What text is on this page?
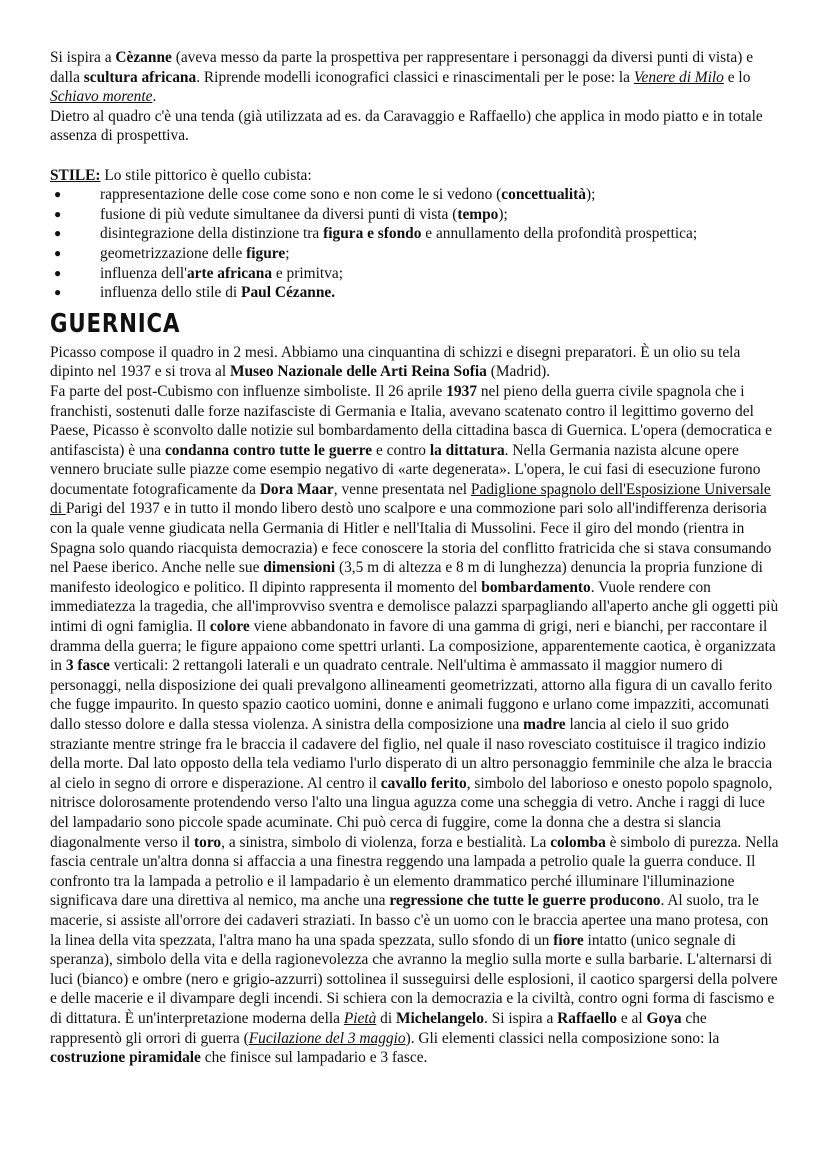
Si ispira a Cèzanne (aveva messo da parte la prospettiva per rappresentare i personaggi da diversi punti di vista) e dalla scultura africana. Riprende modelli iconografici classici e rinascimentali per le pose: la Venere di Milo e lo Schiavo morente.

Dietro al quadro c'è una tenda (già utilizzata ad es. da Caravaggio e Raffaello) che applica in modo piatto e in totale assenza di prospettiva.

STILE: Lo stile pittorico è quello cubista:

●	rappresentazione delle cose come sono e non come le si vedono (concettualità);
●	fusione di più vedute simultanee da diversi punti di vista (tempo);
●	disintegrazione della distinzione tra figura e sfondo e annullamento della profondità prospettica;
●	geometrizzazione delle figure;
●	influenza dell'arte africana e primitva;
●	influenza dello stile di Paul Cézanne.
GUERNICA

Picasso compose il quadro in 2 mesi. Abbiamo una cinquantina di schizzi e disegni preparatori. È un olio su tela dipinto nel 1937 e si trova al Museo Nazionale delle Arti Reina Sofia (Madrid).
Fa parte del post-Cubismo con influenze simboliste. Il 26 aprile 1937 nel pieno della guerra civile spagnola che i franchisti, sostenuti dalle forze nazifasciste di Germania e Italia, avevano scatenato contro il legittimo governo del Paese, Picasso è sconvolto dalle notizie sul bombardamento della cittadina basca di Guernica. L'opera (democratica e antifascista) è una condanna contro tutte le guerre e contro la dittatura. Nella Germania nazista alcune opere vennero bruciate sulle piazze come esempio negativo di «arte degenerata». L'opera, le cui fasi di esecuzione furono documentate fotograficamente da Dora Maar, venne presentata nel Padiglione spagnolo dell'Esposizione Universale di Parigi del 1937 e in tutto il mondo libero destò uno scalpore e una commozione pari solo all'indifferenza derisoria con la quale venne giudicata nella Germania di Hitler e nell'Italia di Mussolini. Fece il giro del mondo (rientra in Spagna solo quando riacquista democrazia) e fece conoscere la storia del conflitto fratricida che si stava consumando nel Paese iberico. Anche nelle sue dimensioni (3,5 m di altezza e 8 m di lunghezza) denuncia la propria funzione di manifesto ideologico e politico. Il dipinto rappresenta il momento del bombardamento. Vuole rendere con immediatezza la tragedia, che all'improvviso sventra e demolisce palazzi sparpagliando all'aperto anche gli oggetti più intimi di ogni famiglia. Il colore viene abbandonato in favore di una gamma di grigi, neri e bianchi, per raccontare il dramma della guerra; le figure appaiono come spettri urlanti. La composizione, apparentemente caotica, è organizzata in 3 fasce verticali: 2 rettangoli laterali e un quadrato centrale. Nell'ultima è ammassato il maggior numero di personaggi, nella disposizione dei quali prevalgono allineamenti geometrizzati, attorno alla figura di un cavallo ferito che fugge impaurito. In questo spazio caotico uomini, donne e animali fuggono e urlano come impazziti, accomunati dallo stesso dolore e dalla stessa violenza. A sinistra della composizione una madre lancia al cielo il suo grido straziante mentre stringe fra le braccia il cadavere del figlio, nel quale il naso rovesciato costituisce il tragico indizio della morte. Dal lato opposto della tela vediamo l'urlo disperato di un altro personaggio femminile che alza le braccia al cielo in segno di orrore e disperazione. Al centro il cavallo ferito, simbolo del laborioso e onesto popolo spagnolo, nitrisce dolorosamente protendendo verso l'alto una lingua aguzza come una scheggia di vetro. Anche i raggi di luce del lampadario sono piccole spade acuminate. Chi può cerca di fuggire, come la donna che a destra si slancia diagonalmente verso il toro, a sinistra, simbolo di violenza, forza e bestialità. La colomba è simbolo di purezza. Nella fascia centrale un'altra donna si affaccia a una finestra reggendo una lampada a petrolio quale la guerra conduce. Il confronto tra la lampada a petrolio e il lampadario è un elemento drammatico perché illuminare l'illuminazione significava dare una direttiva al nemico, ma anche una regressione che tutte le guerre producono. Al suolo, tra le macerie, si assiste all'orrore dei cadaveri straziati. In basso c'è un uomo con le braccia apertee una mano protesa, con la linea della vita spezzata, l'altra mano ha una spada spezzata, sullo sfondo di un fiore intatto (unico segnale di speranza), simbolo della vita e della ragionevolezza che avranno la meglio sulla morte e sulla barbarie. L'alternarsi di luci (bianco) e ombre (nero e grigio-azzurri) sottolinea il susseguirsi delle esplosioni, il caotico spargersi della polvere e delle macerie e il divampare degli incendi. Si schiera con la democrazia e la civiltà, contro ogni forma di fascismo e di dittatura. È un'interpretazione moderna della Pietà di Michelangelo. Si ispira a Raffaello e al Goya che rappresentò gli orrori di guerra (Fucilazione del 3 maggio). Gli elementi classici nella composizione sono: la costruzione piramidale che finisce sul lampadario e 3 fasce.
